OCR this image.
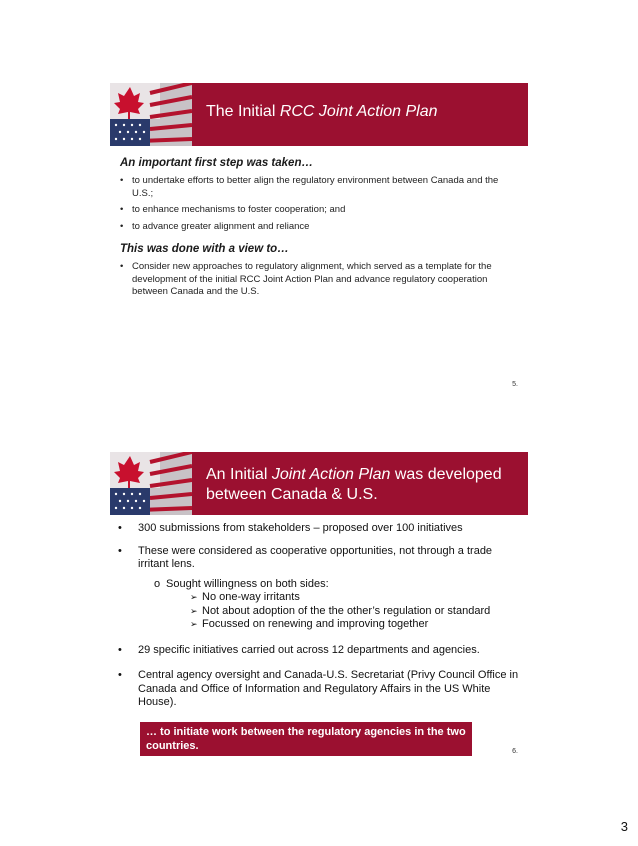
The Initial RCC Joint Action Plan
An important first step was taken…
• to undertake efforts to better align the regulatory environment between Canada and the U.S.;
• to enhance mechanisms to foster cooperation; and
• to advance greater alignment and reliance
This was done with a view to…
• Consider new approaches to regulatory alignment, which served as a template for the development of the initial RCC Joint Action Plan and advance regulatory cooperation between Canada and the U.S.
5.
An Initial Joint Action Plan was developed between Canada & U.S.
• 300 submissions from stakeholders – proposed over 100 initiatives
• These were considered as cooperative opportunities, not through a trade irritant lens.
o Sought willingness on both sides:
➢ No one-way irritants
➢ Not about adoption of the the other’s regulation or standard
➢ Focussed on renewing and improving together
• 29 specific initiatives carried out across 12 departments and agencies.
• Central agency oversight and Canada-U.S. Secretariat (Privy Council Office in Canada and Office of Information and Regulatory Affairs in the US White House).
… to initiate work between the regulatory agencies in the two countries.	6.
3
